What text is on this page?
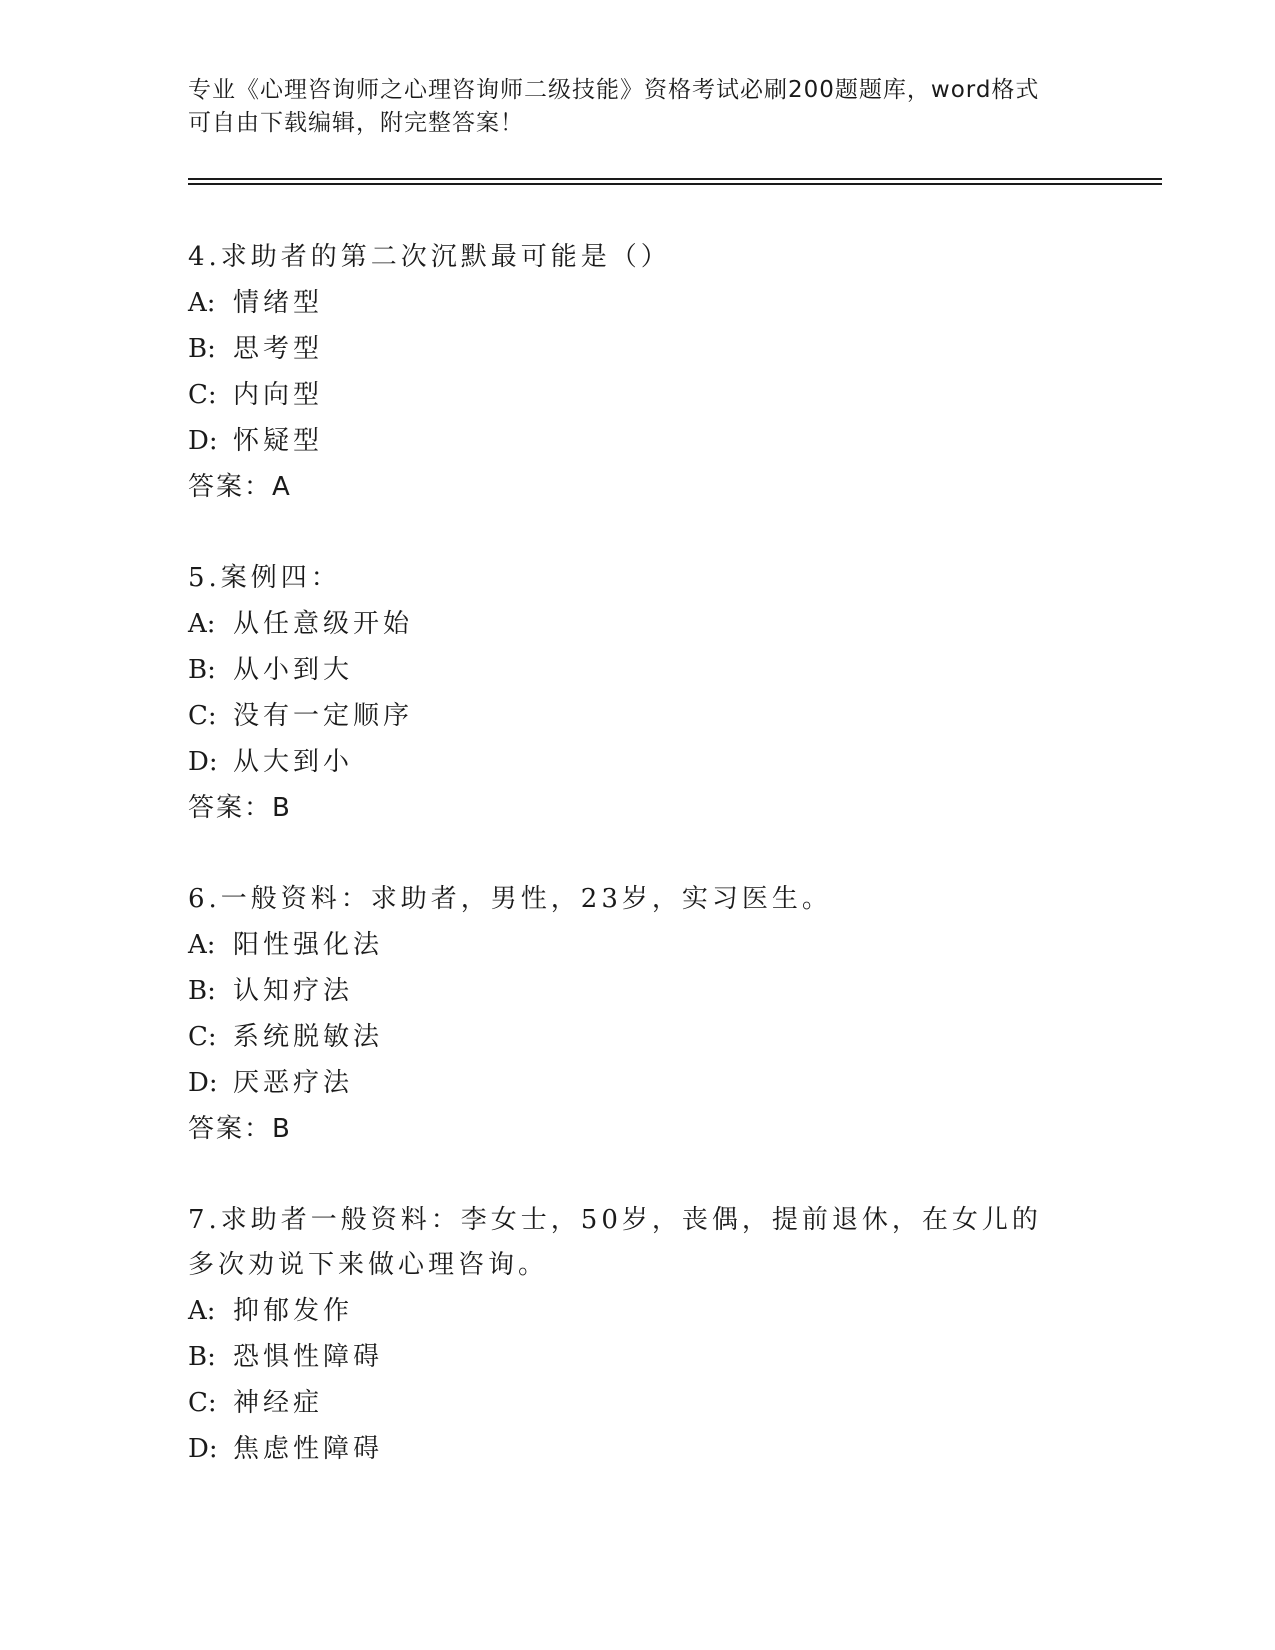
专业《心理咨询师之心理咨询师二级技能》资格考试必刷200题题库，word格式
可自由下载编辑，附完整答案！
4.求助者的第二次沉默最可能是（）
A: 情绪型
B: 思考型
C: 内向型
D: 怀疑型
答案：A
5.案例四：
A: 从任意级开始
B: 从小到大
C: 没有一定顺序
D: 从大到小
答案：B
6.一般资料：求助者，男性，23岁，实习医生。
A: 阳性强化法
B: 认知疗法
C: 系统脱敏法
D: 厌恶疗法
答案：B
7.求助者一般资料：李女士，50岁，丧偶，提前退休，在女儿的多次劝说下来做心理咨询。
A: 抑郁发作
B: 恐惧性障碍
C: 神经症
D: 焦虑性障碍
